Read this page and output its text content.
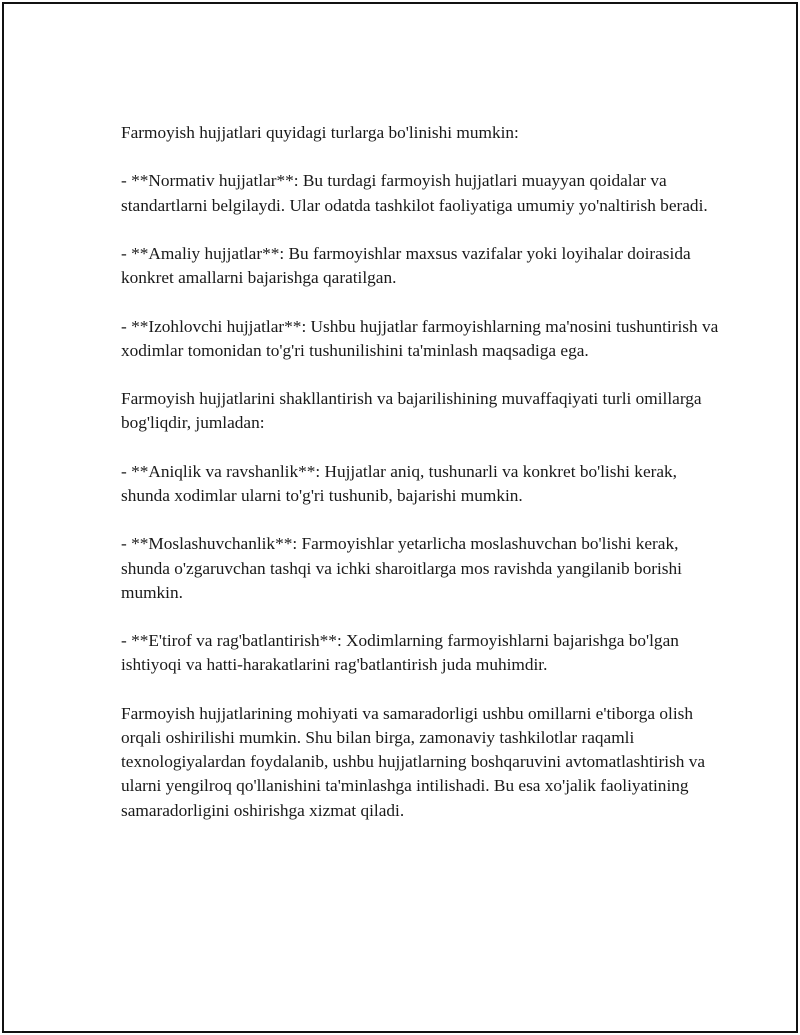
Farmoyish hujjatlari quyidagi turlarga bo'linishi mumkin:

- **Normativ hujjatlar**: Bu turdagi farmoyish hujjatlari muayyan qoidalar va standartlarni belgilaydi. Ular odatda tashkilot faoliyatiga umumiy yo'naltirish beradi.

- **Amaliy hujjatlar**: Bu farmoyishlar maxsus vazifalar yoki loyihalar doirasida konkret amallarni bajarishga qaratilgan.

- **Izohlovchi hujjatlar**: Ushbu hujjatlar farmoyishlarning ma'nosini tushuntirish va xodimlar tomonidan to'g'ri tushunilishini ta'minlash maqsadiga ega.

Farmoyish hujjatlarini shakllantirish va bajarilishining muvaffaqiyati turli omillarga bog'liqdir, jumladan:

- **Aniqlik va ravshanlik**: Hujjatlar aniq, tushunarli va konkret bo'lishi kerak, shunda xodimlar ularni to'g'ri tushunib, bajarishi mumkin.

- **Moslashuvchanlik**: Farmoyishlar yetarlicha moslashuvchan bo'lishi kerak, shunda o'zgaruvchan tashqi va ichki sharoitlarga mos ravishda yangilanib borishi mumkin.

- **E'tirof va rag'batlantirish**: Xodimlarning farmoyishlarni bajarishga bo'lgan ishtiyoqi va hatti-harakatlarini rag'batlantirish juda muhimdir.

Farmoyish hujjatlarining mohiyati va samaradorligi ushbu omillarni e'tiborga olish orqali oshirilishi mumkin. Shu bilan birga, zamonaviy tashkilotlar raqamli texnologiyalardan foydalanib, ushbu hujjatlarning boshqaruvini avtomatlashtirish va ularni yengilroq qo'llanishini ta'minlashga intilishadi. Bu esa xo'jalik faoliyatining samaradorligini oshirishga xizmat qiladi.
